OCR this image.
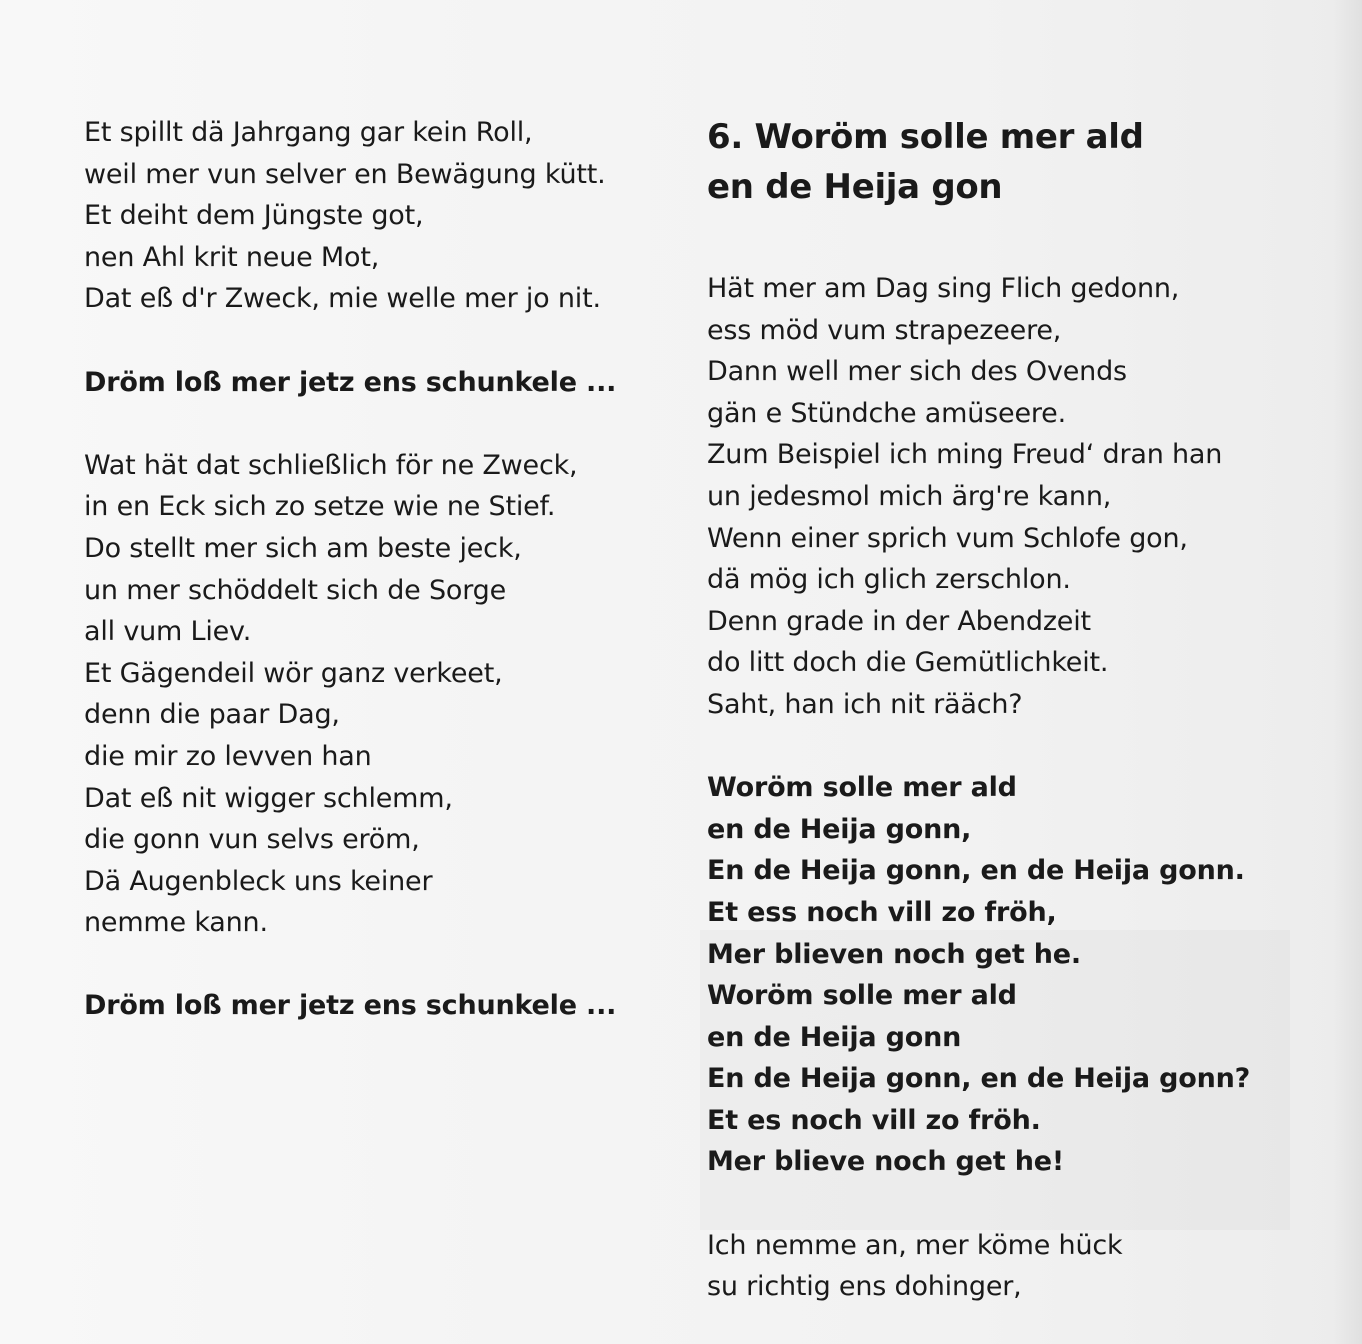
Et spillt dä Jahrgang gar kein Roll,
weil mer vun selver en Bewägung kütt.
Et deiht dem Jüngste got,
nen Ahl krit neue Mot,
Dat eß d'r Zweck, mie welle mer jo nit.
Dröm loß mer jetz ens schunkele ...
Wat hät dat schließlich för ne Zweck,
in en Eck sich zo setze wie ne Stief.
Do stellt mer sich am beste jeck,
un mer schöddelt sich de Sorge
all vum Liev.
Et Gägendeil wör ganz verkeet,
denn die paar Dag,
die mir zo levven han
Dat eß nit wigger schlemm,
die gonn vun selvs eröm,
Dä Augenbleck uns keiner
nemme kann.
Dröm loß mer jetz ens schunkele ...
6. Woröm solle mer ald
en de Heija gon
Hät mer am Dag sing Flich gedonn,
ess möd vum strapezeere,
Dann well mer sich des Ovends
gän e Stündche amüseere.
Zum Beispiel ich ming Freud‘ dran han
un jedesmol mich ärg're kann,
Wenn einer sprich vum Schlofe gon,
dä mög ich glich zerschlon.
Denn grade in der Abendzeit
do litt doch die Gemütlichkeit.
Saht, han ich nit rääch?
Woröm solle mer ald
en de Heija gonn,
En de Heija gonn, en de Heija gonn.
Et ess noch vill zo fröh,
Mer blieven noch get he.
Woröm solle mer ald
en de Heija gonn
En de Heija gonn, en de Heija gonn?
Et es noch vill zo fröh.
Mer blieve noch get he!
Ich nemme an, mer köme hück
su richtig ens dohinger,
